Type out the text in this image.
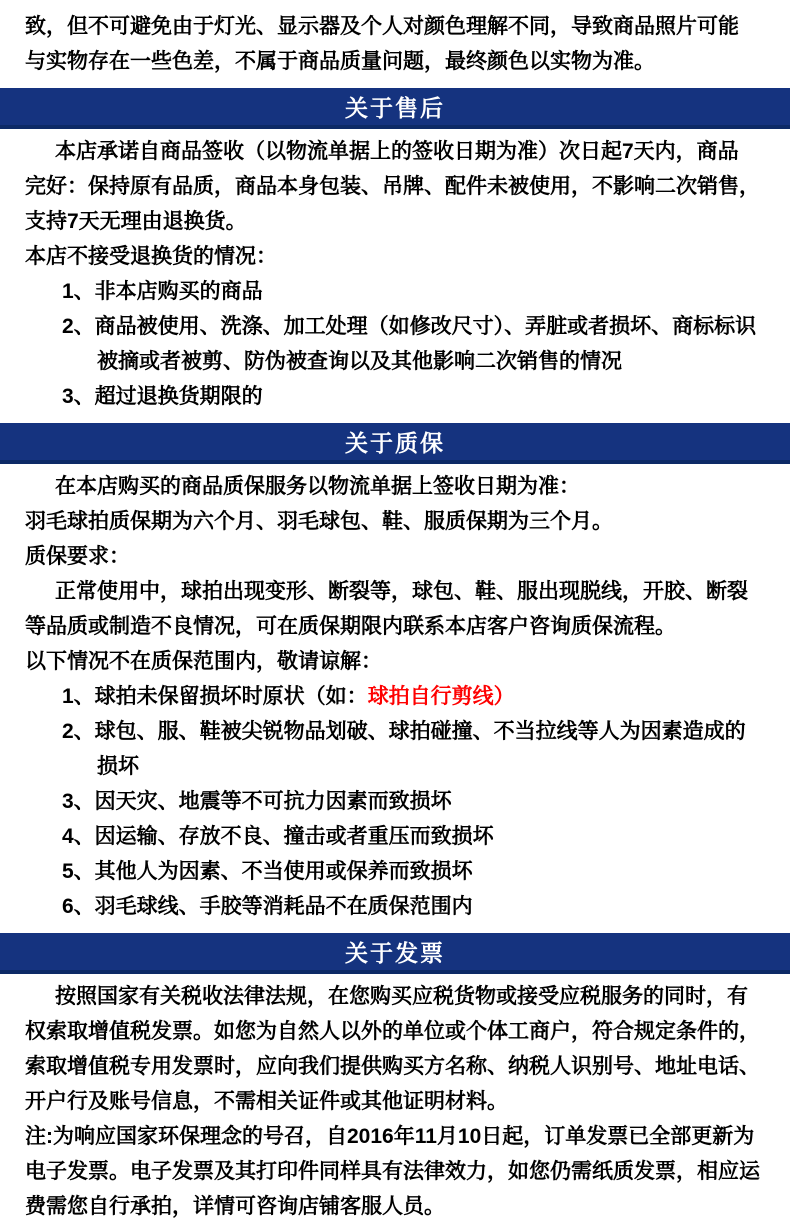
致，但不可避免由于灯光、显示器及个人对颜色理解不同，导致商品照片可能
与实物存在一些色差，不属于商品质量问题，最终颜色以实物为准。
关于售后
本店承诺自商品签收（以物流单据上的签收日期为准）次日起7天内，商品
完好：保持原有品质，商品本身包装、吊牌、配件未被使用，不影响二次销售，
支持7天无理由退换货。
本店不接受退换货的情况：
1、非本店购买的商品
2、商品被使用、洗涤、加工处理（如修改尺寸）、弄脏或者损坏、商标标识
被摘或者被剪、防伪被查询以及其他影响二次销售的情况
3、超过退换货期限的
关于质保
在本店购买的商品质保服务以物流单据上签收日期为准：
羽毛球拍质保期为六个月、羽毛球包、鞋、服质保期为三个月。
质保要求：
正常使用中，球拍出现变形、断裂等，球包、鞋、服出现脱线，开胶、断裂
等品质或制造不良情况，可在质保期限内联系本店客户咨询质保流程。
以下情况不在质保范围内，敬请谅解：
1、球拍未保留损坏时原状（如：球拍自行剪线）
2、球包、服、鞋被尖锐物品划破、球拍碰撞、不当拉线等人为因素造成的
损坏
3、因天灾、地震等不可抗力因素而致损坏
4、因运输、存放不良、撞击或者重压而致损坏
5、其他人为因素、不当使用或保养而致损坏
6、羽毛球线、手胶等消耗品不在质保范围内
关于发票
按照国家有关税收法律法规，在您购买应税货物或接受应税服务的同时，有
权索取增值税发票。如您为自然人以外的单位或个体工商户，符合规定条件的，
索取增值税专用发票时，应向我们提供购买方名称、纳税人识别号、地址电话、
开户行及账号信息，不需相关证件或其他证明材料。
注:为响应国家环保理念的号召，自2016年11月10日起，订单发票已全部更新为
电子发票。电子发票及其打印件同样具有法律效力，如您仍需纸质发票，相应运
费需您自行承拍，详情可咨询店铺客服人员。
